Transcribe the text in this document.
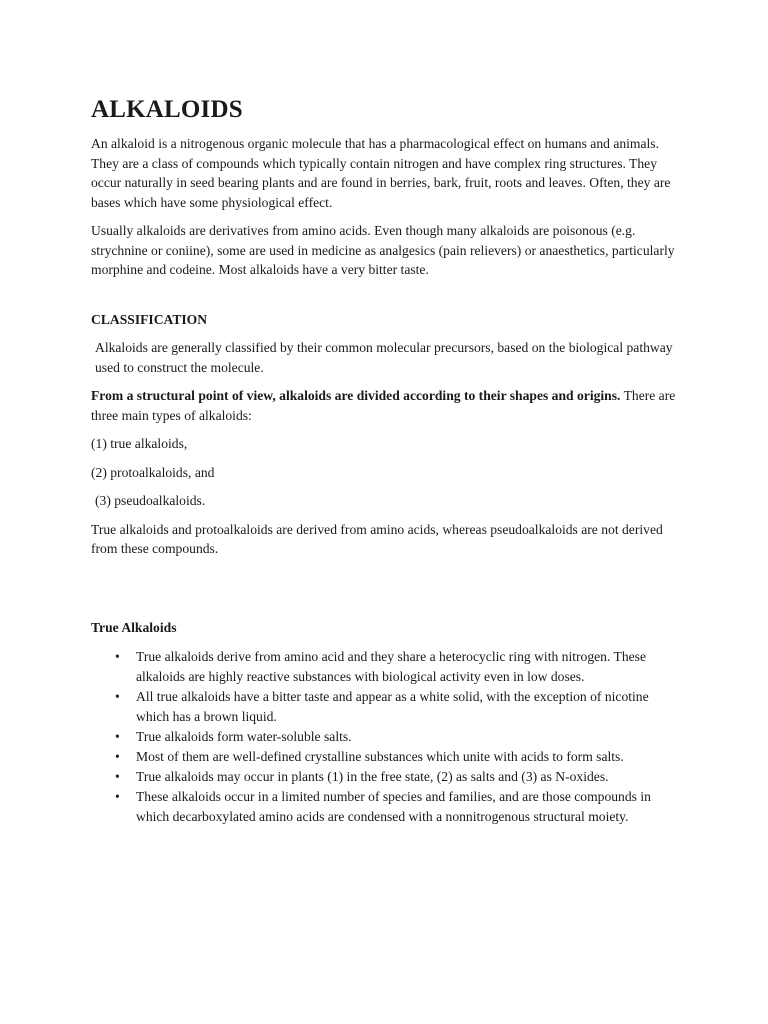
ALKALOIDS

An alkaloid is a nitrogenous organic molecule that has a pharmacological effect on humans and animals. They are a class of compounds which typically contain nitrogen and have complex ring structures. They occur naturally in seed bearing plants and are found in berries, bark, fruit, roots and leaves. Often, they are bases which have some physiological effect.

Usually alkaloids are derivatives from amino acids. Even though many alkaloids are poisonous (e.g. strychnine or coniine), some are used in medicine as analgesics (pain relievers) or anaesthetics, particularly morphine and codeine. Most alkaloids have a very bitter taste.

CLASSIFICATION

Alkaloids are generally classified by their common molecular precursors, based on the biological pathway used to construct the molecule.

From a structural point of view, alkaloids are divided according to their shapes and origins. There are three main types of alkaloids:

(1) true alkaloids,

(2) protoalkaloids, and

(3) pseudoalkaloids.

True alkaloids and protoalkaloids are derived from amino acids, whereas pseudoalkaloids are not derived from these compounds.

True Alkaloids
• True alkaloids derive from amino acid and they share a heterocyclic ring with nitrogen. These alkaloids are highly reactive substances with biological activity even in low doses.
• All true alkaloids have a bitter taste and appear as a white solid, with the exception of nicotine which has a brown liquid.
• True alkaloids form water-soluble salts.
• Most of them are well-defined crystalline substances which unite with acids to form salts.
• True alkaloids may occur in plants (1) in the free state, (2) as salts and (3) as N-oxides.
• These alkaloids occur in a limited number of species and families, and are those compounds in which decarboxylated amino acids are condensed with a nonnitrogenous structural moiety.
